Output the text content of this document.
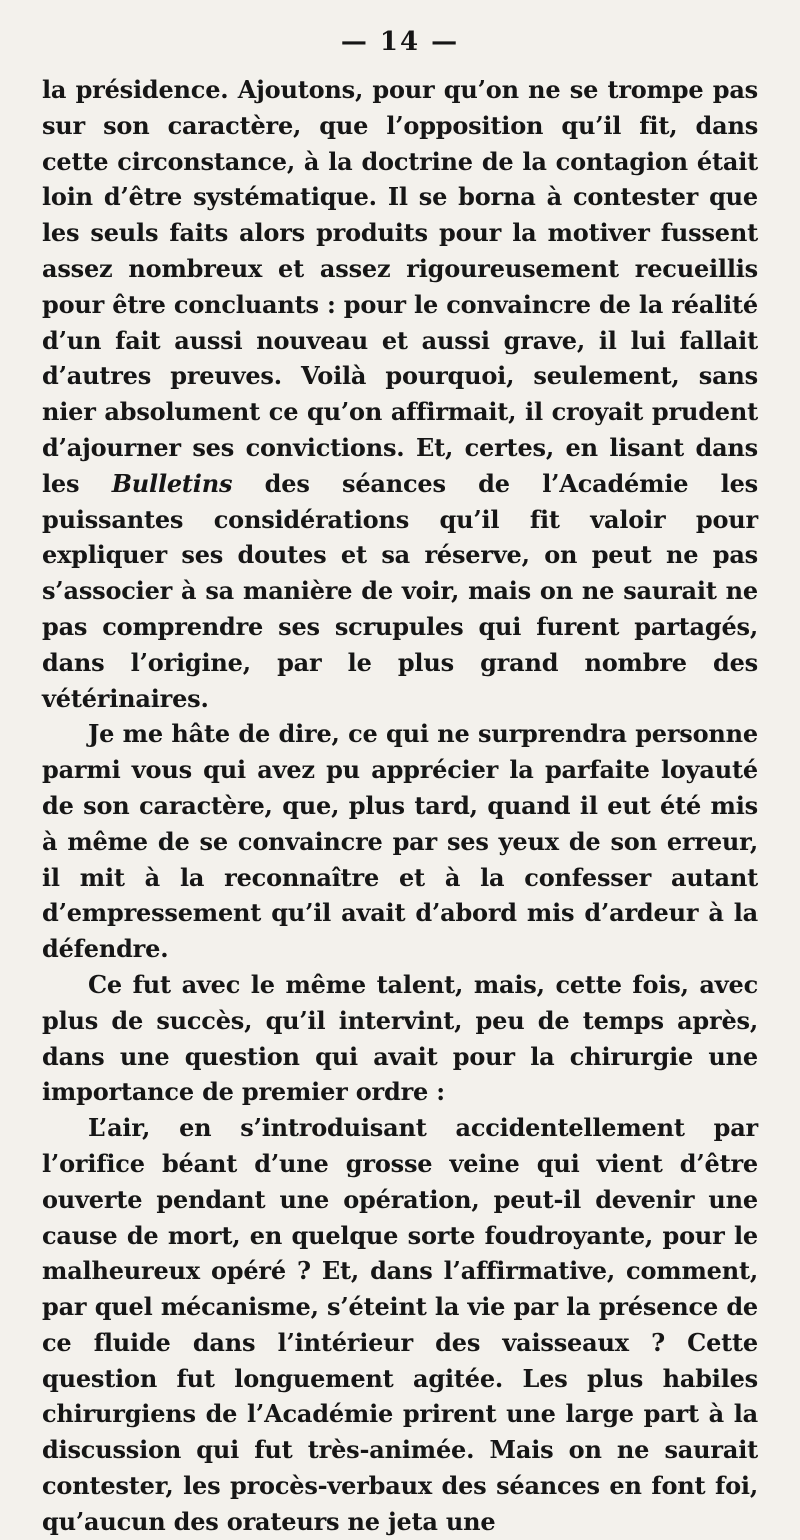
— 14 —

la présidence. Ajoutons, pour qu’on ne se trompe pas sur son caractère, que l’opposition qu’il fit, dans cette circonstance, à la doctrine de la contagion était loin d’être systématique. Il se borna à contester que les seuls faits alors produits pour la motiver fussent assez nombreux et assez rigoureusement recueillis pour être concluants : pour le convaincre de la réalité d’un fait aussi nouveau et aussi grave, il lui fallait d’autres preuves. Voilà pourquoi, seulement, sans nier absolument ce qu’on affirmait, il croyait prudent d’ajourner ses convictions. Et, certes, en lisant dans les Bulletins des séances de l’Académie les puissantes considérations qu’il fit valoir pour expliquer ses doutes et sa réserve, on peut ne pas s’associer à sa manière de voir, mais on ne saurait ne pas comprendre ses scrupules qui furent partagés, dans l’origine, par le plus grand nombre des vétérinaires.

Je me hâte de dire, ce qui ne surprendra personne parmi vous qui avez pu apprécier la parfaite loyauté de son caractère, que, plus tard, quand il eut été mis à même de se convaincre par ses yeux de son erreur, il mit à la reconnaître et à la confesser autant d’empressement qu’il avait d’abord mis d’ardeur à la défendre.

Ce fut avec le même talent, mais, cette fois, avec plus de succès, qu’il intervint, peu de temps après, dans une question qui avait pour la chirurgie une importance de premier ordre :

L’air, en s’introduisant accidentellement par l’orifice béant d’une grosse veine qui vient d’être ouverte pendant une opération, peut-il devenir une cause de mort, en quelque sorte foudroyante, pour le malheureux opéré ? Et, dans l’affirmative, comment, par quel mécanisme, s’éteint la vie par la présence de ce fluide dans l’intérieur des vaisseaux ? Cette question fut longuement agitée. Les plus habiles chirurgiens de l’Académie prirent une large part à la discussion qui fut très-animée. Mais on ne saurait contester, les procès-verbaux des séances en font foi, qu’aucun des orateurs ne jeta une
